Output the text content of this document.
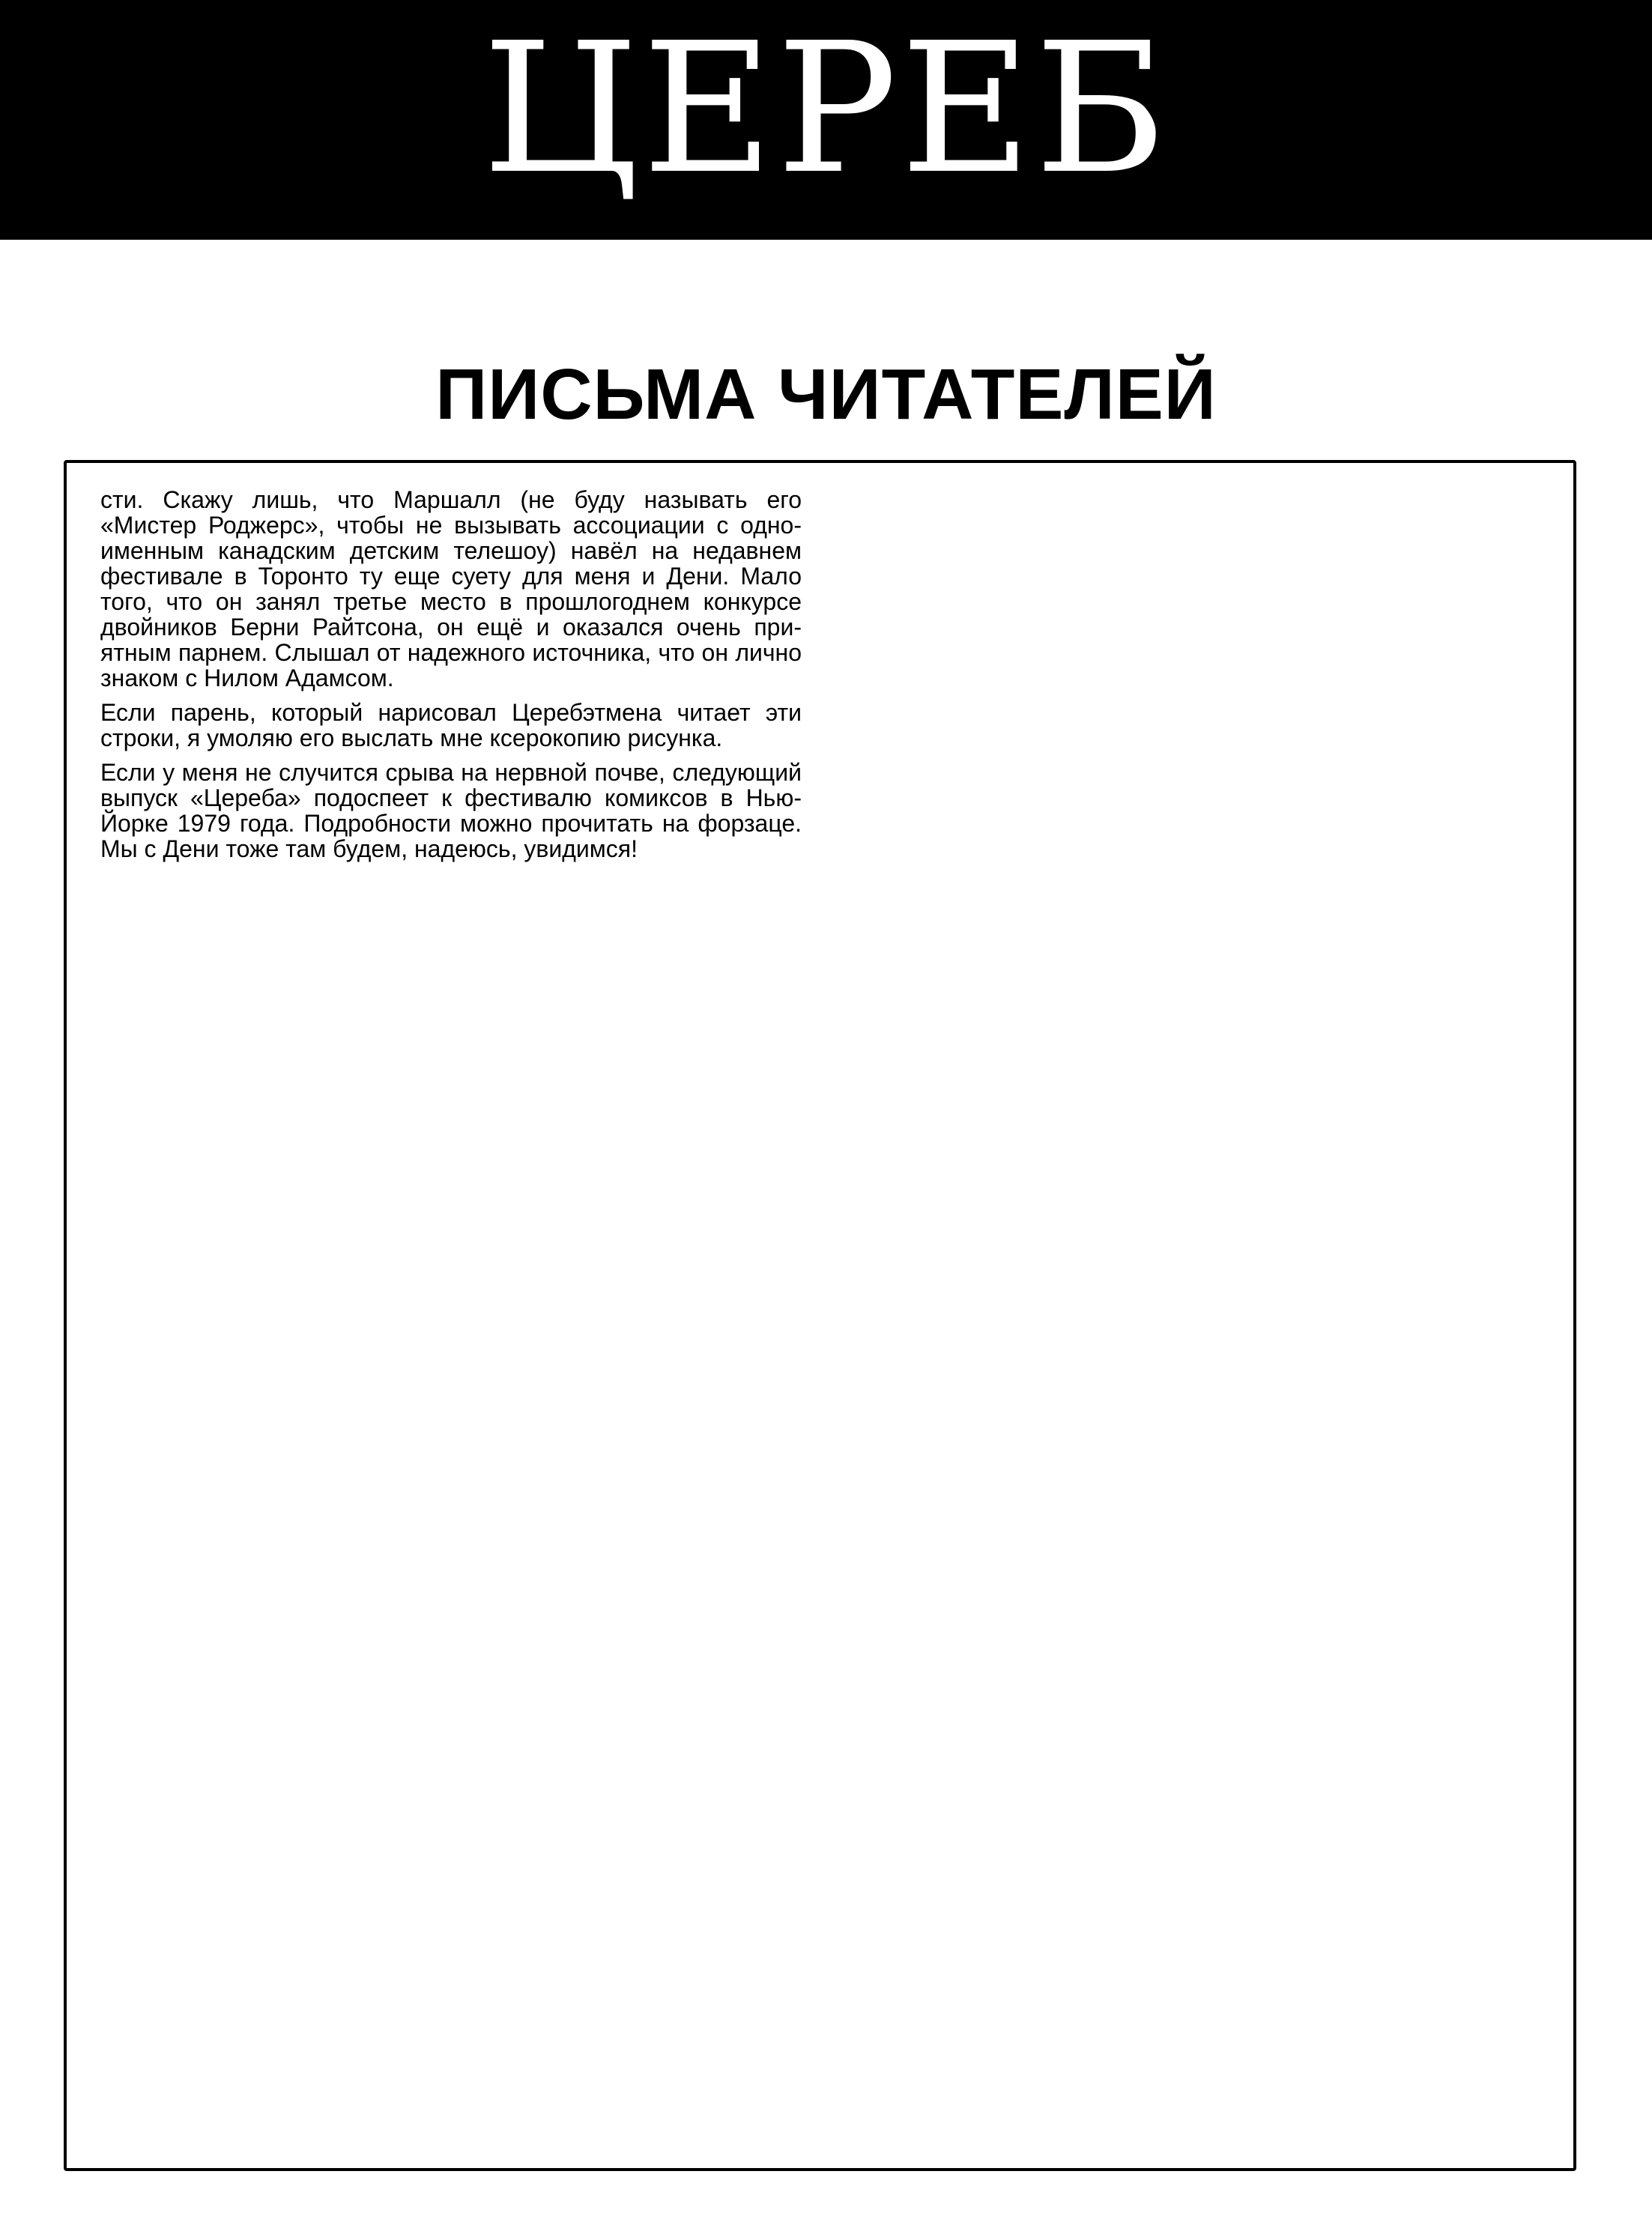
ЦЕРЕБ
ПИСЬМА ЧИТАТЕЛЕЙ

сти. Скажу лишь, что Маршалл (не буду называть его «Мистер Роджерс», чтобы не вызывать ассоциации с одноименным канадским детским телешоу) навёл на недавнем фестивале в Торонто ту еще суету для меня и Дени. Мало того, что он занял третье место в прошлогоднем конкурсе двойников Берни Райтсона, он ещё и оказался очень приятным парнем. Слышал от надежного источника, что он лично знаком с Нилом Адамсом.

Если парень, который нарисовал Церебэтмена читает эти строки, я умоляю его выслать мне ксерокопию рисунка.

Если у меня не случится срыва на нервной почве, следующий выпуск «Цереба» подоспеет к фестивалю комиксов в Нью-Йорке 1979 года. Подробности можно прочитать на форзаце. Мы с Дени тоже там будем, надеюсь, увидимся!
